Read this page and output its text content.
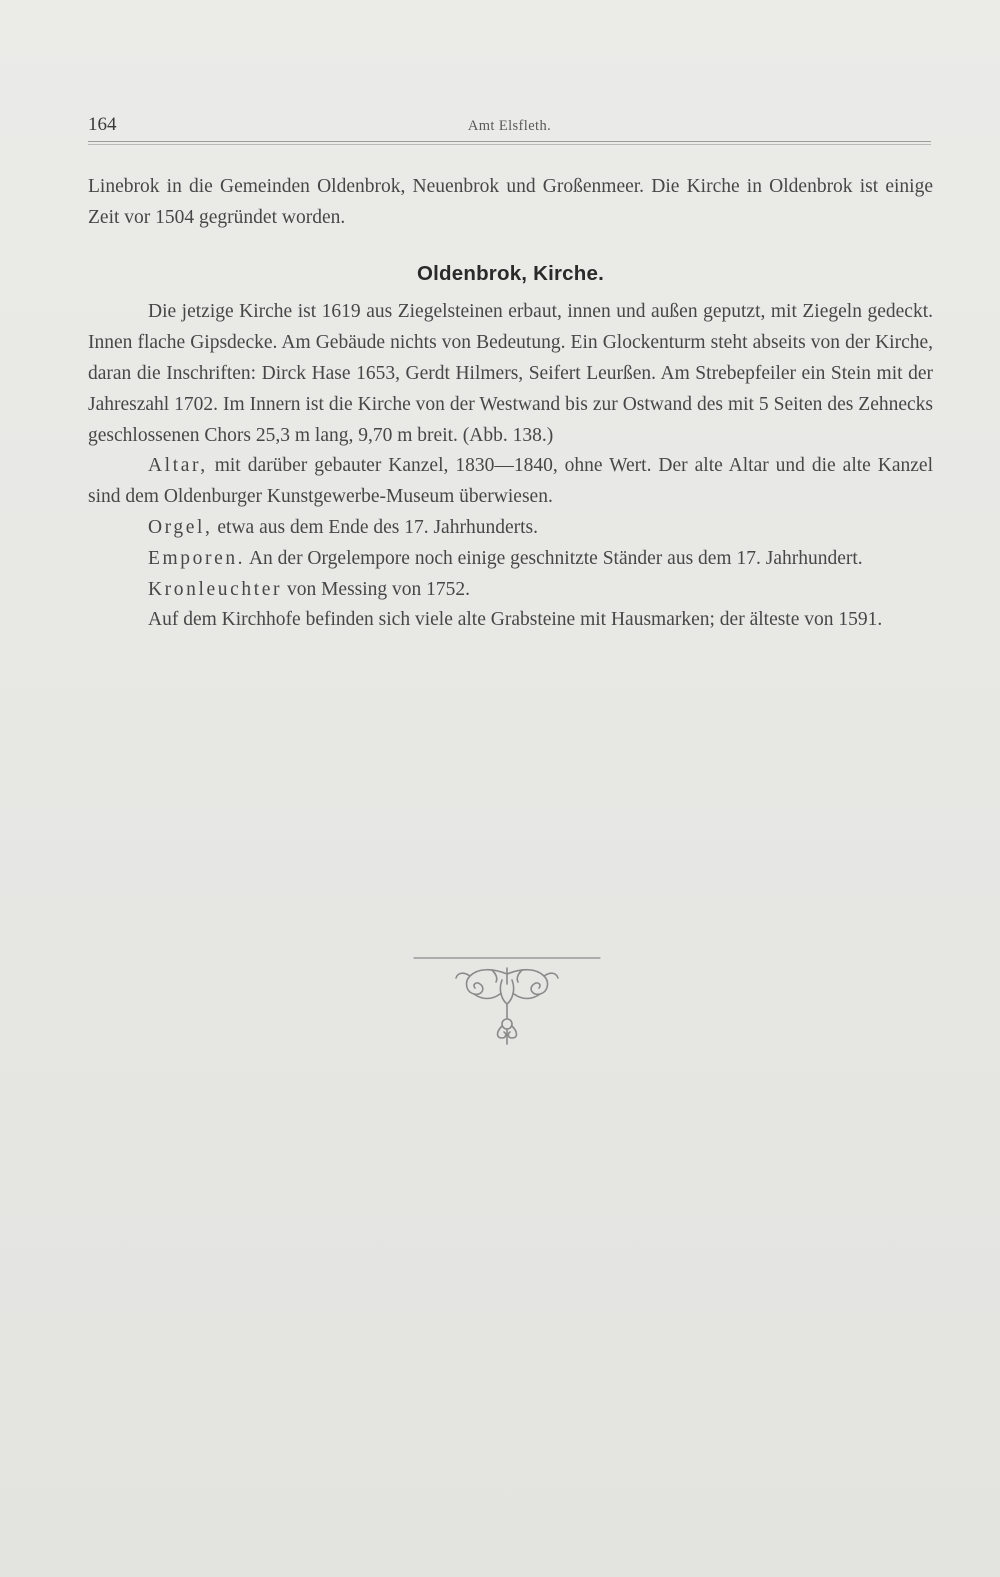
164	Amt Elsfleth.

Linebrok in die Gemeinden Oldenbrok, Neuenbrok und Großenmeer. Die Kirche in Oldenbrok ist einige Zeit vor 1504 gegründet worden.

Oldenbrok, Kirche.

Die jetzige Kirche ist 1619 aus Ziegelsteinen erbaut, innen und außen geputzt, mit Ziegeln gedeckt. Innen flache Gipsdecke. Am Gebäude nichts von Bedeutung. Ein Glockenturm steht abseits von der Kirche, daran die Inschriften: Dirck Hase 1653, Gerdt Hilmers, Seifert Leurßen. Am Strebepfeiler ein Stein mit der Jahreszahl 1702. Im Innern ist die Kirche von der Westwand bis zur Ostwand des mit 5 Seiten des Zehnecks geschlossenen Chors 25,3 m lang, 9,70 m breit. (Abb. 138.)

Altar, mit darüber gebauter Kanzel, 1830—1840, ohne Wert. Der alte Altar und die alte Kanzel sind dem Oldenburger Kunstgewerbe-Museum überwiesen.

Orgel, etwa aus dem Ende des 17. Jahrhunderts.

Emporen. An der Orgelempore noch einige geschnitzte Ständer aus dem 17. Jahrhundert.

Kronleuchter von Messing von 1752.

Auf dem Kirchhofe befinden sich viele alte Grabsteine mit Hausmarken; der älteste von 1591.
